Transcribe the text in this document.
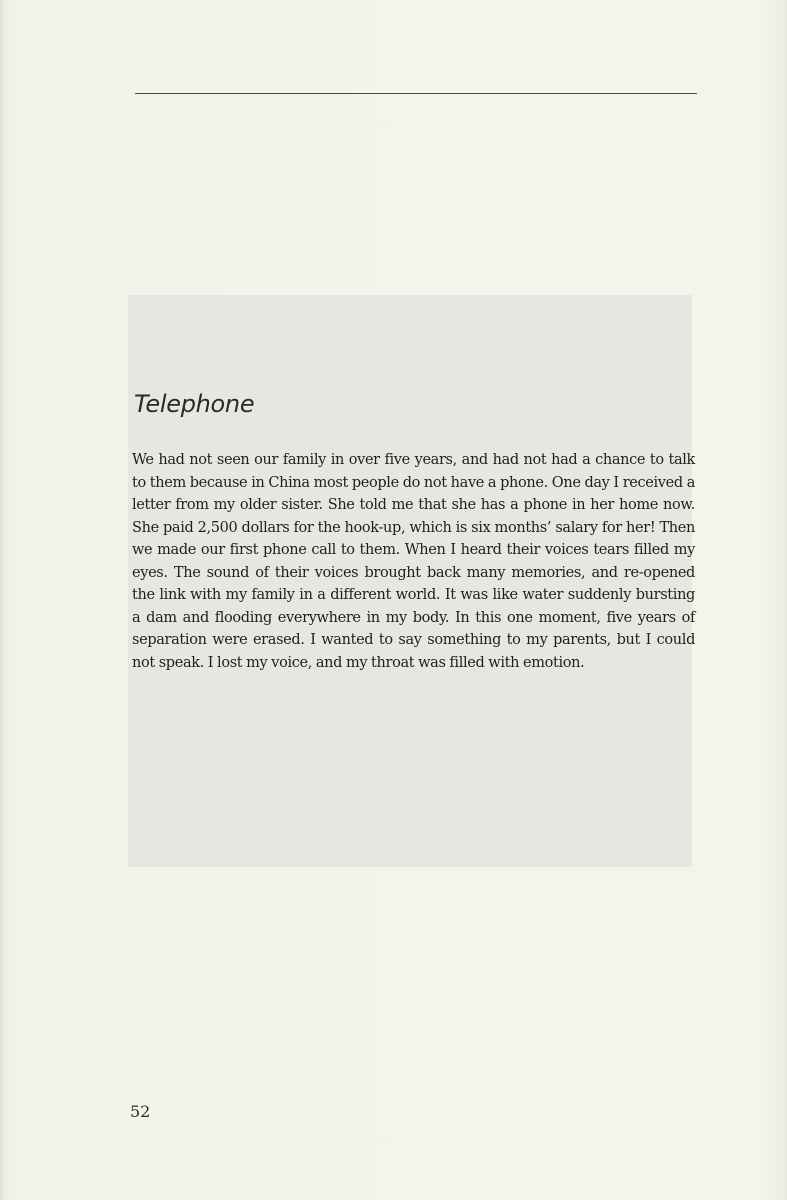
Telephone

We had not seen our family in over five years, and had not had a chance to talk to them because in China most people do not have a phone. One day I received a letter from my older sister. She told me that she has a phone in her home now. She paid 2,500 dollars for the hook-up, which is six months’ salary for her! Then we made our first phone call to them. When I heard their voices tears filled my eyes. The sound of their voices brought back many memories, and re-opened the link with my family in a different world. It was like water suddenly bursting a dam and flooding everywhere in my body. In this one moment, five years of separation were erased. I wanted to say something to my parents, but I could not speak. I lost my voice, and my throat was filled with emotion.

52
